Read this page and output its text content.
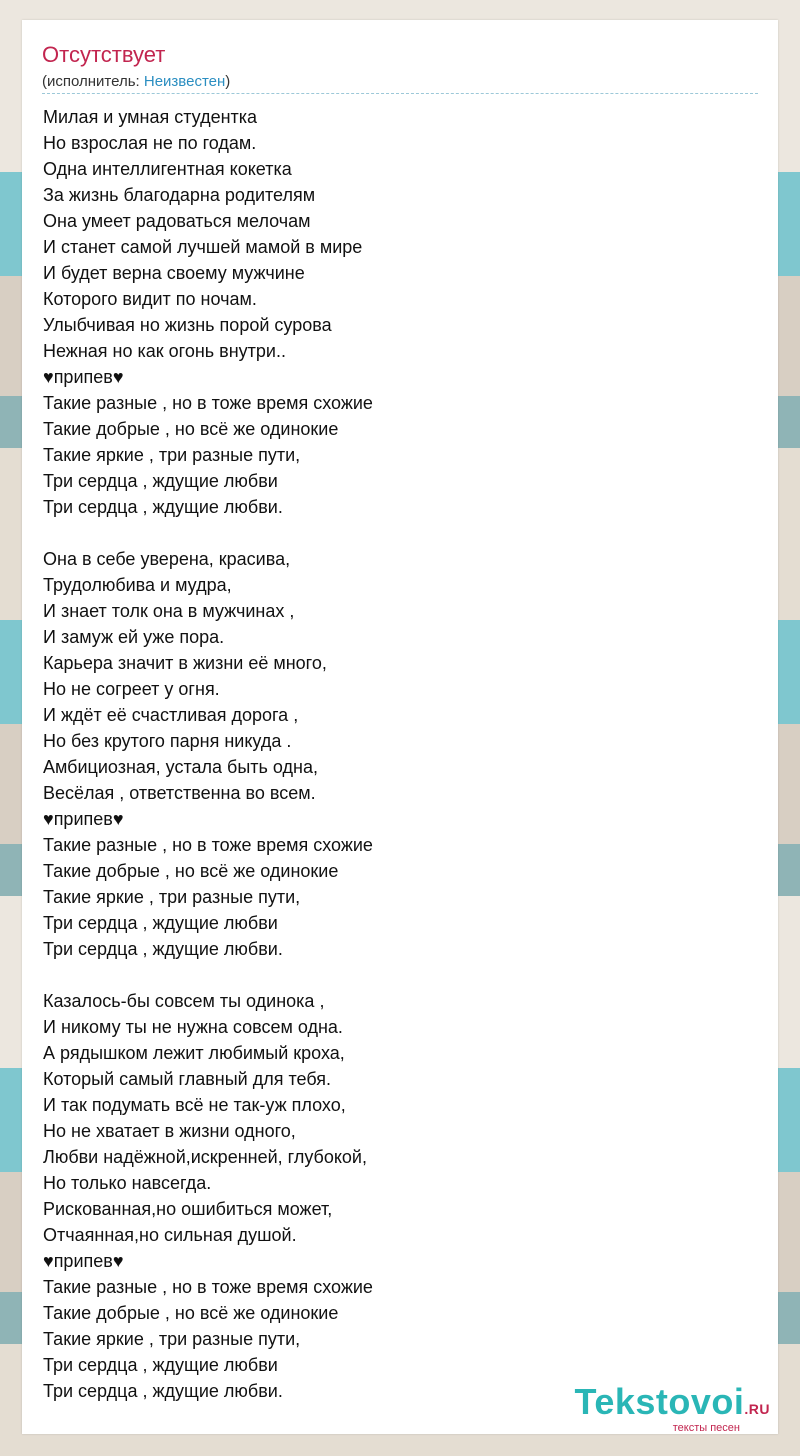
Отсутствует
(исполнитель: Неизвестен)
Милая и умная студентка
Но взрослая не по годам.
Одна интеллигентная кокетка
За жизнь благодарна родителям
Она умеет радоваться мелочам
И станет самой лучшей мамой в мире
И будет верна своему мужчине
Которого видит по ночам.
Улыбчивая но жизнь порой сурова
Нежная но как огонь внутри..
♥припев♥
Такие разные , но в тоже время схожие
Такие добрые , но всё же одинокие
Такие яркие , три разные пути,
Три сердца , ждущие любви
Три сердца , ждущие любви.
Она в себе уверена, красива,
Трудолюбива и мудра,
И знает толк она в мужчинах ,
И замуж ей уже пора.
Карьера значит в жизни её много,
Но не согреет у огня.
И ждёт её счастливая дорога ,
Но без крутого парня никуда .
Амбициозная, устала быть одна,
Весёлая , ответственна во всем.
♥припев♥
Такие разные , но в тоже время схожие
Такие добрые , но всё же одинокие
Такие яркие , три разные пути,
Три сердца , ждущие любви
Три сердца , ждущие любви.
Казалось-бы совсем ты одинока ,
И никому ты не нужна совсем одна.
А рядышком лежит любимый кроха,
Который самый главный для тебя.
И так подумать всё не так-уж плохо,
Но не хватает в жизни одного,
Любви надёжной,искренней, глубокой,
Но только навсегда.
Рискованная,но ошибиться может,
Отчаянная,но сильная душой.
♥припев♥
Такие разные , но в тоже время схожие
Такие добрые , но всё же одинокие
Такие яркие , три разные пути,
Три сердца , ждущие любви
Три сердца , ждущие любви.	Tekstovoi.RU
тексты песен
